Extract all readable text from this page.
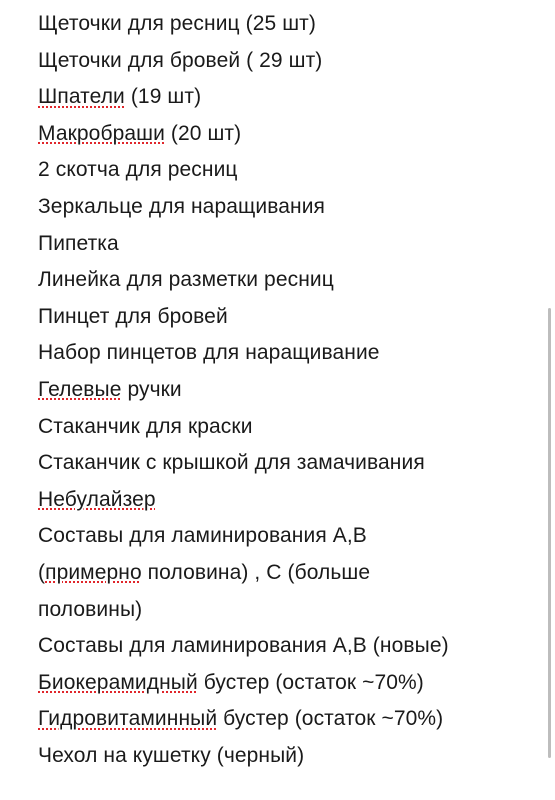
Щеточки для ресниц (25 шт)
Щеточки для бровей ( 29 шт)
Шпатели (19 шт)
Макробраши (20 шт)
2 скотча для ресниц
Зеркальце для наращивания
Пипетка
Линейка для разметки ресниц
Пинцет для бровей
Набор пинцетов для наращивание
Гелевые ручки
Стаканчик для краски
Стаканчик с крышкой для замачивания
Небулайзер
Составы для ламинирования А,В (примерно половина) , С (больше половины)
Составы для ламинирования А,В (новые)
Биокерамидный бустер (остаток ~70%)
Гидровитаминный бустер (остаток ~70%)
Чехол на кушетку (черный)
